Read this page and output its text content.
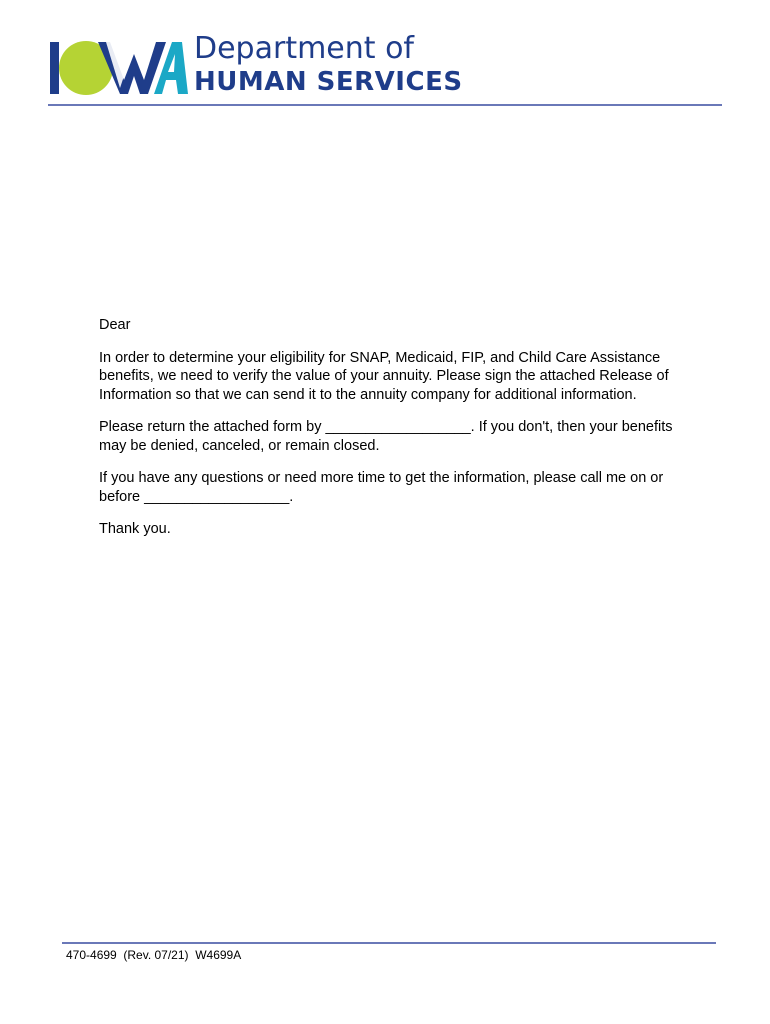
Department of
HUMAN SERVICES

Dear

In order to determine your eligibility for SNAP, Medicaid, FIP, and Child Care Assistance benefits, we need to verify the value of your annuity. Please sign the attached Release of Information so that we can send it to the annuity company for additional information.

Please return the attached form by __________________. If you don't, then your benefits may be denied, canceled, or remain closed.

If you have any questions or need more time to get the information, please call me on or before __________________.

Thank you.

470-4699  (Rev. 07/21)  W4699A
